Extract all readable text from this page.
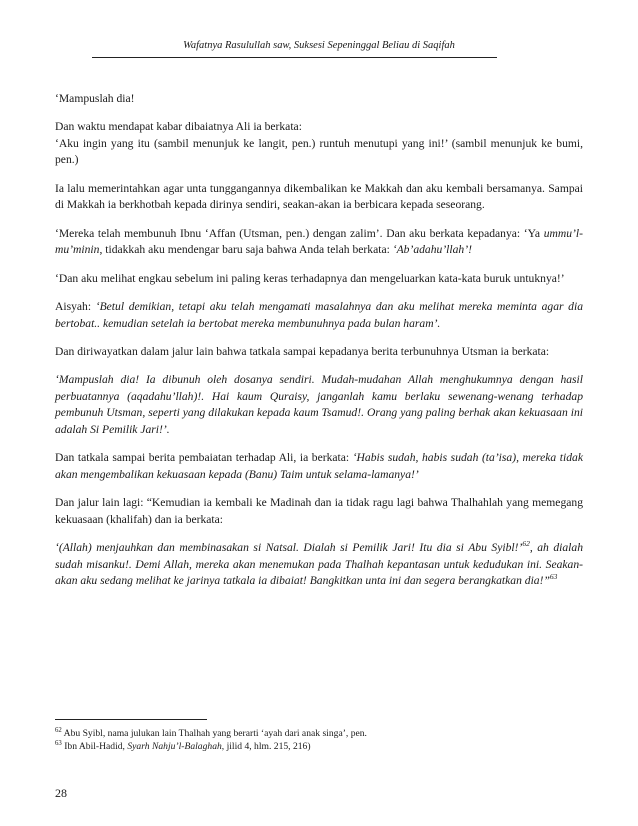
Wafatnya Rasulullah saw, Suksesi Sepeninggal Beliau di Saqifah

‘Mampuslah dia!

Dan waktu mendapat kabar dibaiatnya Ali ia berkata:
‘Aku ingin yang itu (sambil menunjuk ke langit, pen.) runtuh menutupi yang ini!’ (sambil menunjuk ke bumi, pen.)

Ia lalu memerintahkan agar unta tunggangannya dikembalikan ke Makkah dan aku kembali bersamanya. Sampai di Makkah ia berkhotbah kepada dirinya sendiri, seakan-akan ia berbicara kepada seseorang.

‘Mereka telah membunuh Ibnu ‘Affan (Utsman, pen.) dengan zalim’. Dan aku berkata kepadanya: ‘Ya ummu’l-mu’minin, tidakkah aku mendengar baru saja bahwa Anda telah berkata: ‘Ab’adahu’llah’!

‘Dan aku melihat engkau sebelum ini paling keras terhadapnya dan mengeluarkan kata-kata buruk untuknya!’

Aisyah: ‘Betul demikian, tetapi aku telah mengamati masalahnya dan aku melihat mereka meminta agar dia bertobat.. kemudian setelah ia bertobat mereka membunuhnya pada bulan haram’.

Dan diriwayatkan dalam jalur lain bahwa tatkala sampai kepadanya berita terbunuhnya Utsman ia berkata:

‘Mampuslah dia! Ia dibunuh oleh dosanya sendiri. Mudah-mudahan Allah menghukumnya dengan hasil perbuatannya (aqadahu’llah)!. Hai kaum Quraisy, janganlah kamu berlaku sewenang-wenang terhadap pembunuh Utsman, seperti yang dilakukan kepada kaum Tsamud!. Orang yang paling berhak akan kekuasaan ini adalah Si Pemilik Jari!’.

Dan tatkala sampai berita pembaiatan terhadap Ali, ia berkata: ‘Habis sudah, habis sudah (ta’isa), mereka tidak akan mengembalikan kekuasaan kepada (Banu) Taim untuk selama-lamanya!’

Dan jalur lain lagi: “Kemudian ia kembali ke Madinah dan ia tidak ragu lagi bahwa Thalhahlah yang memegang kekuasaan (khalifah) dan ia berkata:

‘(Allah) menjauhkan dan membinasakan si Natsal. Dialah si Pemilik Jari! Itu dia si Abu Syibl!’$^{62}$, ah dialah sudah misanku!. Demi Allah, mereka akan menemukan pada Thalhah kepantasan untuk kedudukan ini. Seakan-akan aku sedang melihat ke jarinya tatkala ia dibaiat! Bangkitkan unta ini dan segera berangkatkan dia!”$^{63}$

$^{62}$ Abu Syibl, nama julukan lain Thalhah yang berarti ‘ayah dari anak singa’, pen.

$^{63}$ Ibn Abil-Hadid, Syarh Nahju’l-Balaghah, jilid 4, hlm. 215, 216)

28
